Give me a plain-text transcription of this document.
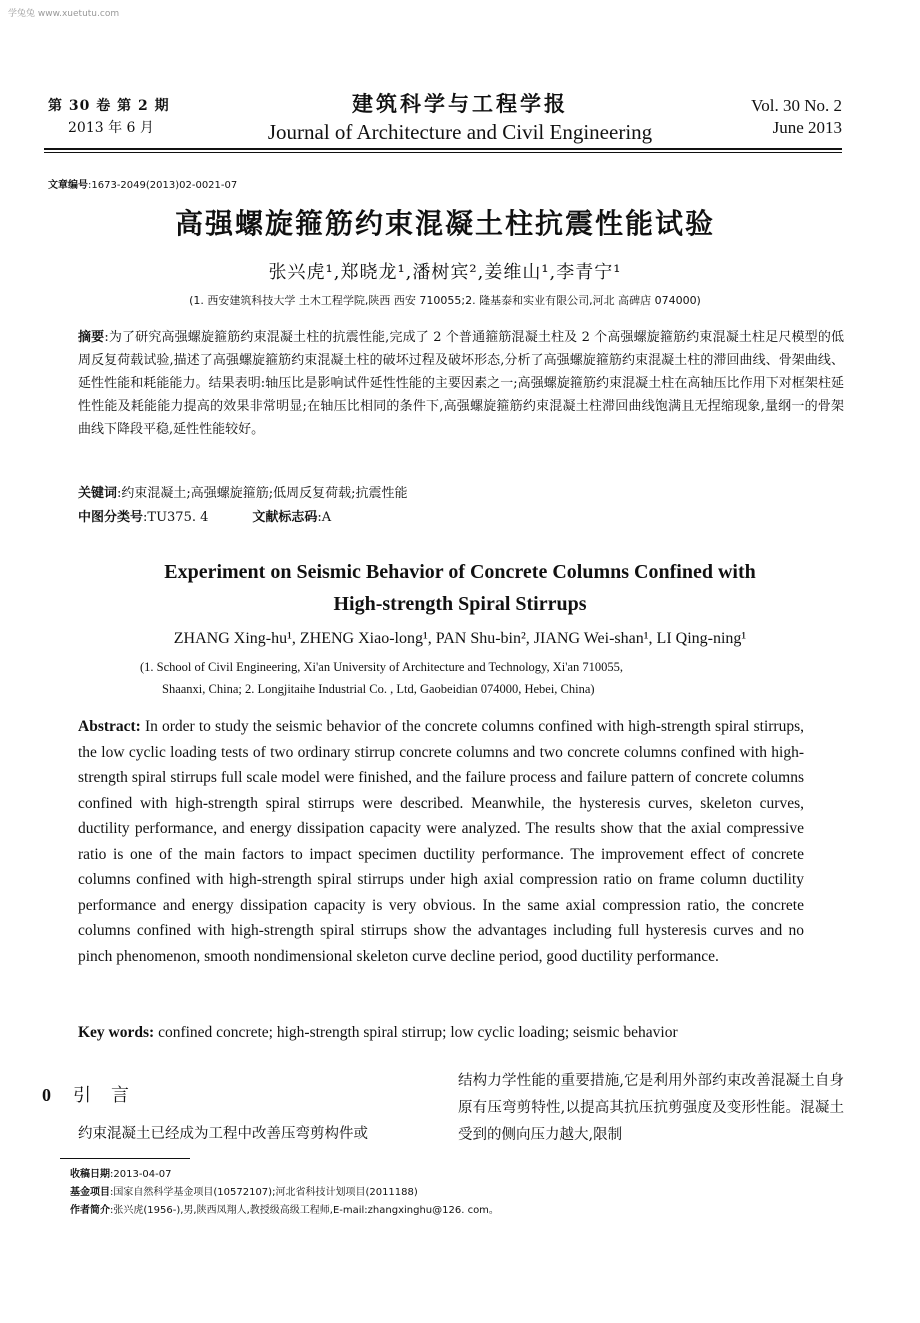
学兔兔 www.xuetutu.com
第 30 卷 第 2 期
2013 年 6 月
建筑科学与工程学报
Journal of Architecture and Civil Engineering
Vol. 30 No. 2
June 2013
文章编号:1673-2049(2013)02-0021-07
高强螺旋箍筋约束混凝土柱抗震性能试验
张兴虎¹,郑晓龙¹,潘树宾²,姜维山¹,李青宁¹
(1. 西安建筑科技大学 土木工程学院,陕西 西安 710055;2. 隆基泰和实业有限公司,河北 高碑店 074000)
摘要:为了研究高强螺旋箍筋约束混凝土柱的抗震性能,完成了 2 个普通箍筋混凝土柱及 2 个高强螺旋箍筋约束混凝土柱足尺模型的低周反复荷载试验,描述了高强螺旋箍筋约束混凝土柱的破坏过程及破坏形态,分析了高强螺旋箍筋约束混凝土柱的滞回曲线、骨架曲线、延性性能和耗能能力。结果表明:轴压比是影响试件延性性能的主要因素之一;高强螺旋箍筋约束混凝土柱在高轴压比作用下对框架柱延性性能及耗能能力提高的效果非常明显;在轴压比相同的条件下,高强螺旋箍筋约束混凝土柱滞回曲线饱满且无捏缩现象,量纲一的骨架曲线下降段平稳,延性性能较好。
关键词:约束混凝土;高强螺旋箍筋;低周反复荷载;抗震性能
中图分类号:TU375. 4	文献标志码:A
Experiment on Seismic Behavior of Concrete Columns Confined with
High-strength Spiral Stirrups
ZHANG Xing-hu¹, ZHENG Xiao-long¹, PAN Shu-bin², JIANG Wei-shan¹, LI Qing-ning¹
(1. School of Civil Engineering, Xi'an University of Architecture and Technology, Xi'an 710055,
Shaanxi, China; 2. Longjitaihe Industrial Co. , Ltd, Gaobeidian 074000, Hebei, China)
Abstract: In order to study the seismic behavior of the concrete columns confined with high-strength spiral stirrups, the low cyclic loading tests of two ordinary stirrup concrete columns and two concrete columns confined with high-strength spiral stirrups full scale model were finished, and the failure process and failure pattern of concrete columns confined with high-strength spiral stirrups were described. Meanwhile, the hysteresis curves, skeleton curves, ductility performance, and energy dissipation capacity were analyzed. The results show that the axial compressive ratio is one of the main factors to impact specimen ductility performance. The improvement effect of concrete columns confined with high-strength spiral stirrups under high axial compression ratio on frame column ductility performance and energy dissipation capacity is very obvious. In the same axial compression ratio, the concrete columns confined with high-strength spiral stirrups show the advantages including full hysteresis curves and no pinch phenomenon, smooth nondimensional skeleton curve decline period, good ductility performance.
Key words: confined concrete; high-strength spiral stirrup; low cyclic loading; seismic behavior
0 引言
约束混凝土已经成为工程中改善压弯剪构件或
结构力学性能的重要措施,它是利用外部约束改善混凝土自身原有压弯剪特性,以提高其抗压抗剪强度及变形性能。混凝土受到的侧向压力越大,限制
收稿日期:2013-04-07
基金项目:国家自然科学基金项目(10572107);河北省科技计划项目(2011188)
作者简介:张兴虎(1956-),男,陕西凤翔人,教授级高级工程师,E-mail:zhangxinghu@126. com。
